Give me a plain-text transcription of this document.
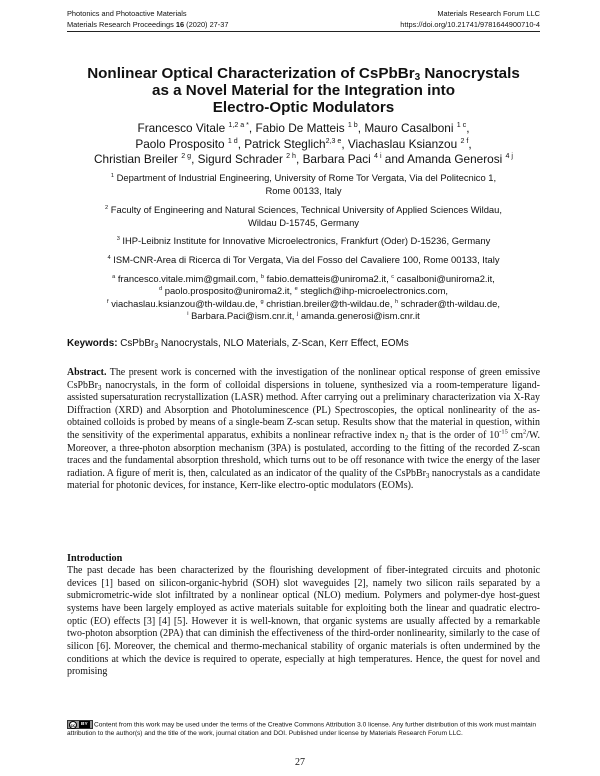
Photonics and Photoactive Materials	Materials Research Forum LLC
Materials Research Proceedings 16 (2020) 27-37	https://doi.org/10.21741/9781644900710-4
Nonlinear Optical Characterization of CsPbBr$_3$ Nanocrystals
as a Novel Material for the Integration into
Electro-Optic Modulators
Francesco Vitale $^{1,2 a *}$, Fabio De Matteis $^{1 b}$, Mauro Casalboni $^{1 c}$,
Paolo Prosposito $^{1 d}$, Patrick Steglich$^{2,3 e}$, Viachaslau Ksianzou $^{2 f}$,
Christian Breiler $^{2 g}$, Sigurd Schrader $^{2 h}$, Barbara Paci $^{4 i}$ and Amanda Generosi $^{4 j}$
$^1$ Department of Industrial Engineering, University of Rome Tor Vergata, Via del Politecnico 1,
Rome 00133, Italy
$^2$ Faculty of Engineering and Natural Sciences, Technical University of Applied Sciences Wildau,
Wildau D-15745, Germany
$^3$ IHP-Leibniz Institute for Innovative Microelectronics, Frankfurt (Oder) D-15236, Germany
$^4$ ISM-CNR-Area di Ricerca di Tor Vergata, Via del Fosso del Cavaliere 100, Rome 00133, Italy
$^a$ francesco.vitale.mim@gmail.com, $^b$ fabio.dematteis@uniroma2.it, $^c$ casalboni@uniroma2.it,
$^d$ paolo.prosposito@uniroma2.it, $^e$ steglich@ihp-microelectronics.com,
$^f$ viachaslau.ksianzou@th-wildau.de, $^g$ christian.breiler@th-wildau.de, $^h$ schrader@th-wildau.de,
$^i$ Barbara.Paci@ism.cnr.it, $^j$ amanda.generosi@ism.cnr.it
Keywords: CsPbBr$_3$ Nanocrystals, NLO Materials, Z-Scan, Kerr Effect, EOMs
Abstract. The present work is concerned with the investigation of the nonlinear optical response of green emissive CsPbBr$_3$ nanocrystals, in the form of colloidal dispersions in toluene, synthesized via a room-temperature ligand-assisted supersaturation recrystallization (LASR) method. After carrying out a preliminary characterization via X-Ray Diffraction (XRD) and Absorption and Photoluminescence (PL) Spectroscopies, the optical nonlinearity of the as-obtained colloids is probed by means of a single-beam Z-scan setup. Results show that the material in question, within the sensitivity of the experimental apparatus, exhibits a nonlinear refractive index $n_2$ that is the order of $10^{-15}$ $cm^2/W$. Moreover, a three-photon absorption mechanism (3PA) is postulated, according to the fitting of the recorded Z-scan traces and the fundamental absorption threshold, which turns out to be off resonance with twice the energy of the laser radiation. A figure of merit is, then, calculated as an indicator of the quality of the CsPbBr$_3$ nanocrystals as a candidate material for photonic devices, for instance, Kerr-like electro-optic modulators (EOMs).
Introduction
The past decade has been characterized by the flourishing development of fiber-integrated circuits and photonic devices [1] based on silicon-organic-hybrid (SOH) slot waveguides [2], namely two silicon rails separated by a submicrometric-wide slot infiltrated by a nonlinear optical (NLO) medium. Polymers and polymer-dye host-guest systems have been largely employed as active materials suitable for exploiting both the linear and quadratic electro-optic (EO) effects [3] [4] [5]. However it is well-known, that organic systems are usually affected by a remarkable two-photon absorption (2PA) that can diminish the effectiveness of the third-order nonlinearity, similarly to the case of silicon [6]. Moreover, the chemical and thermo-mechanical stability of organic materials is often undermined by the conditions at which the device is required to operate, especially at high temperatures. Hence, the quest for novel and promising
cc	BY Content from this work may be used under the terms of the Creative Commons Attribution 3.0 license. Any further distribution of this work must maintain attribution to the author(s) and the title of the work, journal citation and DOI. Published under license by Materials Research Forum LLC.
27
